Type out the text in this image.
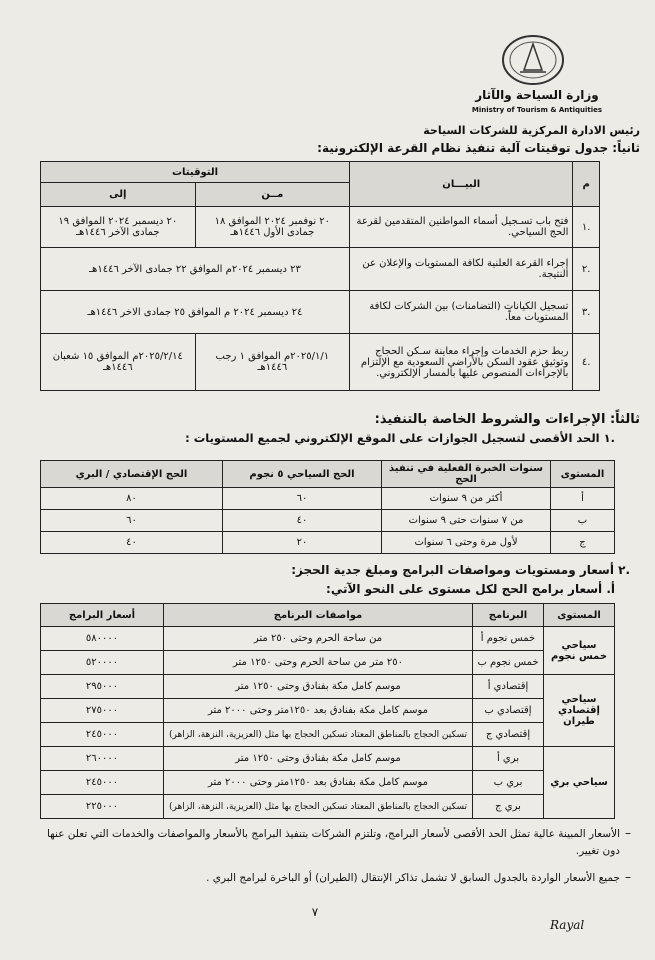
وزارة السياحة والآثار
Ministry of Tourism & Antiquities
رئيس الادارة المركزية للشركات السياحة
ثانياً: جدول توقيتات آلية تنفيذ نظام القرعة الإلكترونية:
م	البيـــان	التوقيتات	
		مــن	إلى
.١	فتح باب تسـجيل أسماء المواطنين المتقدمين لقرعة الحج السياحي.	٢٠ نوفمبر ٢٠٢٤ الموافق ١٨ جمادى الأول ١٤٤٦هـ	٢٠ ديسمبر ٢٠٢٤ الموافق ١٩ جمادى الآخر ١٤٤٦هـ
.٢	إجراء القرعة العلنية لكافة المستويات والإعلان عن النتيجة.	٢٣ ديسمبر ٢٠٢٤م الموافق ٢٢ جمادى الآخر ١٤٤٦هـ	
.٣	تسجيل الكيانات (التضامنات) بين الشركات لكافة المستويات معاً.	٢٤ ديسمبر ٢٠٢٤ م الموافق ٢٥ جمادى الاخر ١٤٤٦هـ	
.٤	ربط حزم الخدمات وإجراء معاينة سـكن الحجاج وتوثيق عقود السكن بالأراضي السعودية مع الإلتزام بالإجراءات المنصوص عليها بالمسار الإلكتروني.	٢٠٢٥/١/١م الموافق ١ رجب ١٤٤٦هـ	٢٠٢٥/٢/١٤م الموافق ١٥ شعبان ١٤٤٦هـ
ثالثاً: الإجراءات والشروط الخاصة بالتنفيذ:
.١ الحد الأقصى لتسجيل الجوازات على الموقع الإلكتروني لجميع المستويات :
المستوى	سنوات الخبرة الفعلية في تنفيذ الحج	الحج السياحي ٥ نجوم	الحج الإقتصادي / البري
أ	أكثر من ٩ سنوات	٦٠	٨٠
ب	من ٧ سنوات حتى ٩ سنوات	٤٠	٦٠
ج	لأول مرة وحتى ٦ سنوات	٢٠	٤٠
.٢ أسعار ومستويات ومواصفات البرامج ومبلغ جدية الحجز:
أ. أسعار برامج الحج لكل مستوى على النحو الآتي:
المستوى	البرنامج	مواصفات البرنامج	أسعار البرامج
سياحي خمس نجوم	خمس نجوم أ	من ساحة الحرم وحتى ٢٥٠ متر	٥٨٠٠٠٠
	خمس نجوم ب	٢٥٠ متر من ساحة الحرم وحتى ١٢٥٠ متر	٥٢٠٠٠٠
سياحي إقتصادي طيران	إقتصادي أ	موسم كامل مكة بفنادق وحتى ١٢٥٠ متر	٢٩٥٠٠٠
	إقتصادي ب	موسم كامل مكة بفنادق بعد ١٢٥٠متر وحتى ٢٠٠٠ متر	٢٧٥٠٠٠
	إقتصادي ج	تسكين الحجاج بالمناطق المعتاد تسكين الحجاج بها مثل (العزيزية، النزهة، الزاهر)	٢٤٥٠٠٠
سياحي بري	بري أ	موسم كامل مكة بفنادق وحتى ١٢٥٠ متر	٢٦٠٠٠٠
	بري ب	موسم كامل مكة بفنادق بعد ١٢٥٠متر وحتى ٢٠٠٠ متر	٢٤٥٠٠٠
	بري ج	تسكين الحجاج بالمناطق المعتاد تسكين الحجاج بها مثل (العزيزية، النزهة، الزاهر)	٢٢٥٠٠٠
–
الأسعار المبينة عالية تمثل الحد الأقصى لأسعار البرامج، وتلتزم الشركات بتنفيذ البرامج بالأسعار والمواصفات والخدمات التي تعلن عنها دون تغيير.
–
جميع الأسعار الواردة بالجدول السابق لا تشمل تذاكر الإنتقال (الطيران) أو الباخرة لبرامج البري .
٧
Rayal
